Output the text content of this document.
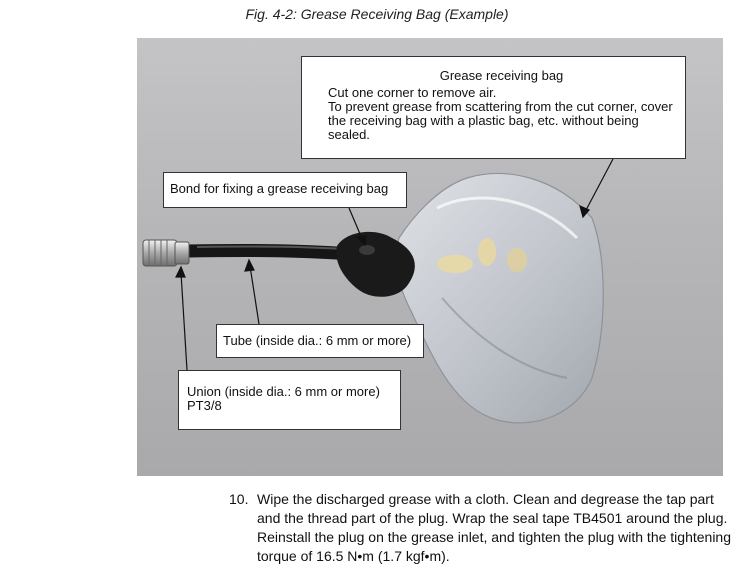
Fig. 4-2: Grease Receiving Bag (Example)
Grease receiving bag
Cut one corner to remove air.
To prevent grease from scattering from the cut corner, cover the receiving bag with a plastic bag, etc. without being sealed.
Bond for fixing a grease receiving bag
Tube (inside dia.: 6 mm or more)
Union (inside dia.: 6 mm or more)
PT3/8
10. Wipe the discharged grease with a cloth. Clean and degrease the tap part and the thread part of the plug. Wrap the seal tape TB4501 around the plug. Reinstall the plug on the grease inlet, and tighten the plug with the tightening torque of 16.5 N•m (1.7 kgf•m).
